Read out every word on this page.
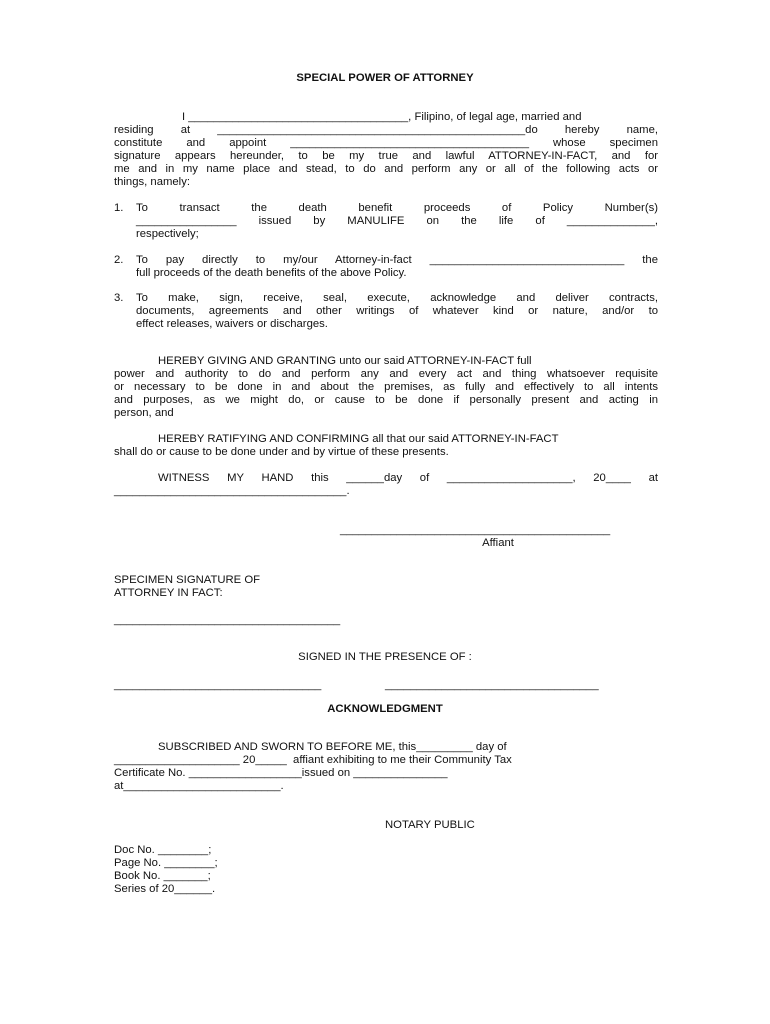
SPECIAL POWER OF ATTORNEY
I ___________________________________, Filipino, of legal age, married and
residing at _________________________________________________do hereby name,
constitute and appoint ______________________________________ whose specimen
signature appears hereunder, to be my true and lawful ATTORNEY-IN-FACT, and for
me and in my name place and stead, to do and perform any or all of the following acts or
things, namely:
1. To transact the death benefit proceeds of Policy Number(s)
________________ issued by MANULIFE on the life of ______________,
respectively;
2. To pay directly to my/our Attorney-in-fact _______________________________ the
full proceeds of the death benefits of the above Policy.
3. To make, sign, receive, seal, execute, acknowledge and deliver contracts,
documents, agreements and other writings of whatever kind or nature, and/or to
effect releases, waivers or discharges.
HEREBY GIVING AND GRANTING unto our said ATTORNEY-IN-FACT full
power and authority to do and perform any and every act and thing whatsoever requisite
or necessary to be done in and about the premises, as fully and effectively to all intents
and purposes, as we might do, or cause to be done if personally present and acting in
person, and
HEREBY RATIFYING AND CONFIRMING all that our said ATTORNEY-IN-FACT
shall do or cause to be done under and by virtue of these presents.
WITNESS MY HAND this ______day of ____________________, 20____ at
_____________________________________.
___________________________________________
Affiant
SPECIMEN SIGNATURE OF
ATTORNEY IN FACT:
____________________________________
SIGNED IN THE PRESENCE OF :
_________________________________	__________________________________
ACKNOWLEDGMENT
SUBSCRIBED AND SWORN TO BEFORE ME, this_________ day of
____________________ 20_____  affiant exhibiting to me their Community Tax
Certificate No. __________________issued on _______________
at_________________________.
NOTARY PUBLIC
Doc No. ________;
Page No. ________;
Book No. _______;
Series of 20______.
